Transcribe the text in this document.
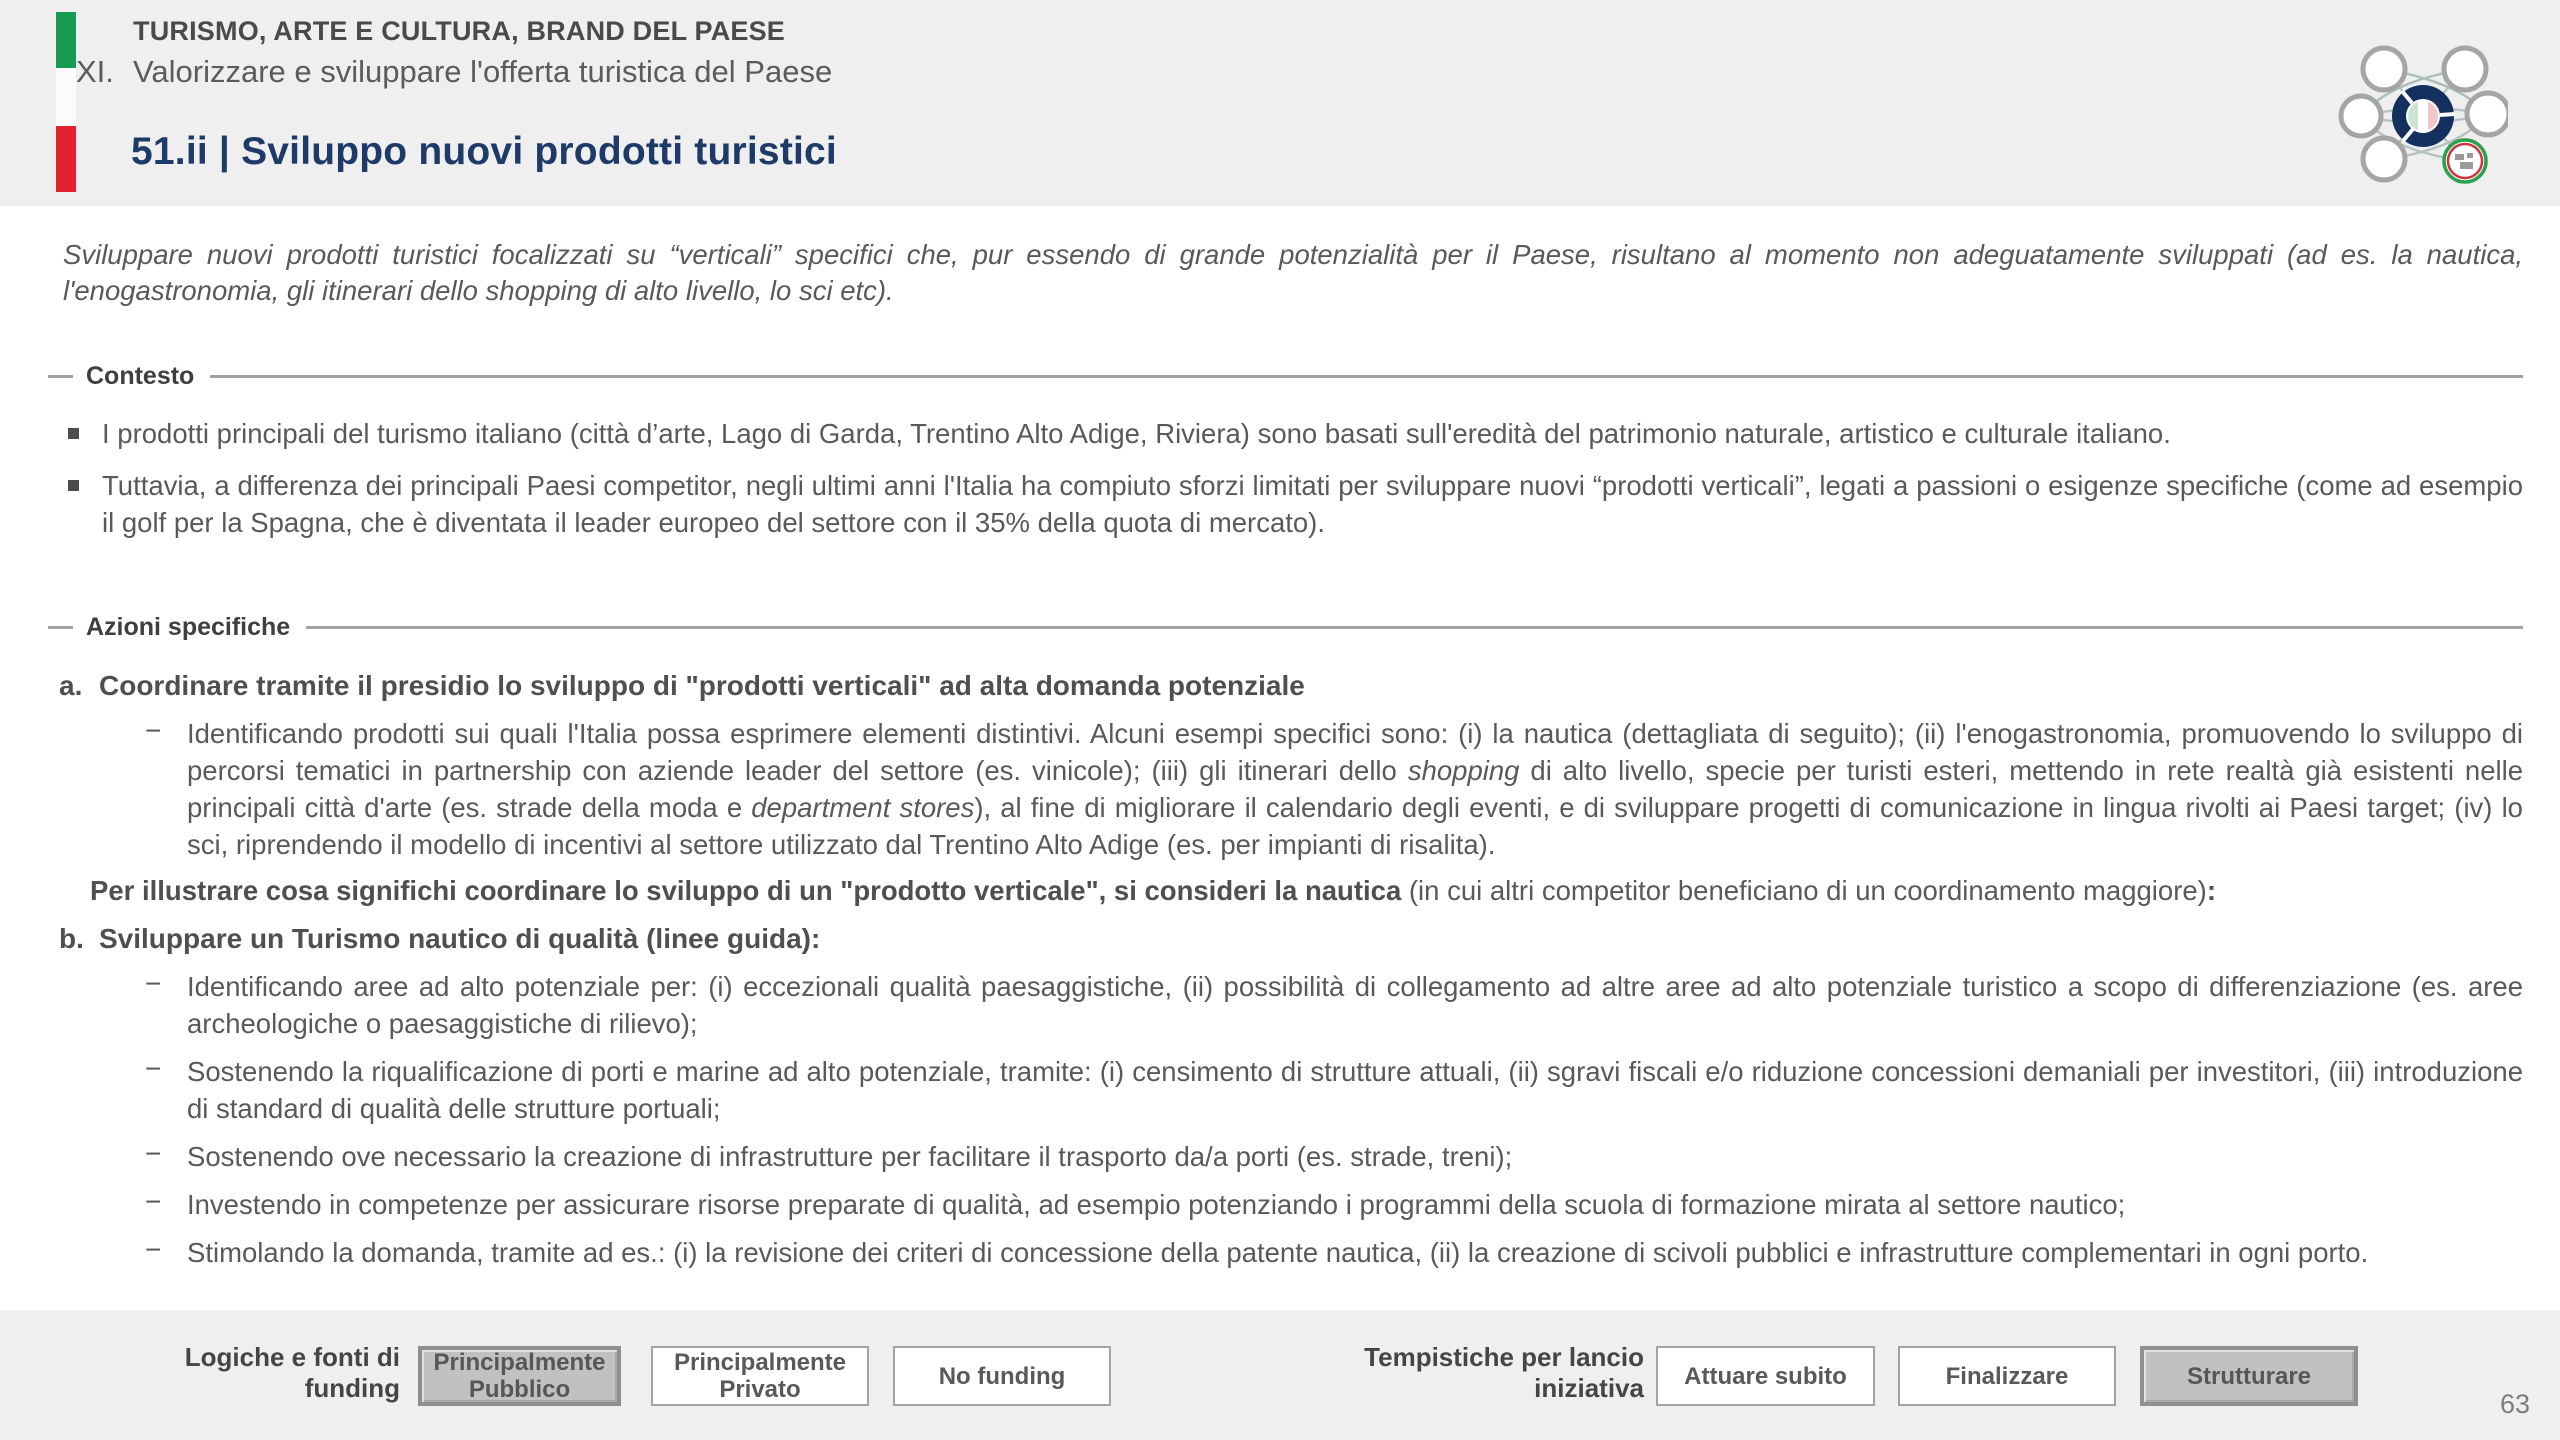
TURISMO, ARTE E CULTURA, BRAND DEL PAESE
XI. Valorizzare e sviluppare l'offerta turistica del Paese
51.ii | Sviluppo nuovi prodotti turistici
Sviluppare nuovi prodotti turistici focalizzati su “verticali” specifici che, pur essendo di grande potenzialità per il Paese, risultano al momento non adeguatamente sviluppati (ad es. la nautica, l'enogastronomia, gli itinerari dello shopping di alto livello, lo sci etc).
Contesto
I prodotti principali del turismo italiano (città d’arte, Lago di Garda, Trentino Alto Adige, Riviera) sono basati sull'eredità del patrimonio naturale, artistico e culturale italiano.
Tuttavia, a differenza dei principali Paesi competitor, negli ultimi anni l'Italia ha compiuto sforzi limitati per sviluppare nuovi “prodotti verticali”, legati a passioni o esigenze specifiche (come ad esempio il golf per la Spagna, che è diventata il leader europeo del settore con il 35% della quota di mercato).
Azioni specifiche
a. Coordinare tramite il presidio lo sviluppo di "prodotti verticali" ad alta domanda potenziale
− Identificando prodotti sui quali l'Italia possa esprimere elementi distintivi. Alcuni esempi specifici sono: (i) la nautica (dettagliata di seguito); (ii) l'enogastronomia, promuovendo lo sviluppo di percorsi tematici in partnership con aziende leader del settore (es. vinicole); (iii) gli itinerari dello shopping di alto livello, specie per turisti esteri, mettendo in rete realtà già esistenti nelle principali città d'arte (es. strade della moda e department stores), al fine di migliorare il calendario degli eventi, e di sviluppare progetti di comunicazione in lingua rivolti ai Paesi target; (iv) lo sci, riprendendo il modello di incentivi al settore utilizzato dal Trentino Alto Adige (es. per impianti di risalita).
Per illustrare cosa significhi coordinare lo sviluppo di un "prodotto verticale", si consideri la nautica (in cui altri competitor beneficiano di un coordinamento maggiore):
b. Sviluppare un Turismo nautico di qualità (linee guida):
− Identificando aree ad alto potenziale per: (i) eccezionali qualità paesaggistiche, (ii) possibilità di collegamento ad altre aree ad alto potenziale turistico a scopo di differenziazione (es. aree archeologiche o paesaggistiche di rilievo);
− Sostenendo la riqualificazione di porti e marine ad alto potenziale, tramite: (i) censimento di strutture attuali, (ii) sgravi fiscali e/o riduzione concessioni demaniali per investitori, (iii) introduzione di standard di qualità delle strutture portuali;
− Sostenendo ove necessario la creazione di infrastrutture per facilitare il trasporto da/a porti (es. strade, treni);
− Investendo in competenze per assicurare risorse preparate di qualità, ad esempio potenziando i programmi della scuola di formazione mirata al settore nautico;
− Stimolando la domanda, tramite ad es.: (i) la revisione dei criteri di concessione della patente nautica, (ii) la creazione di scivoli pubblici e infrastrutture complementari in ogni porto.
Logiche e fonti di funding
Principalmente Pubblico
Principalmente Privato	No funding
Tempistiche per lancio iniziativa	Attuare subito	Finalizzare	Strutturare
63
